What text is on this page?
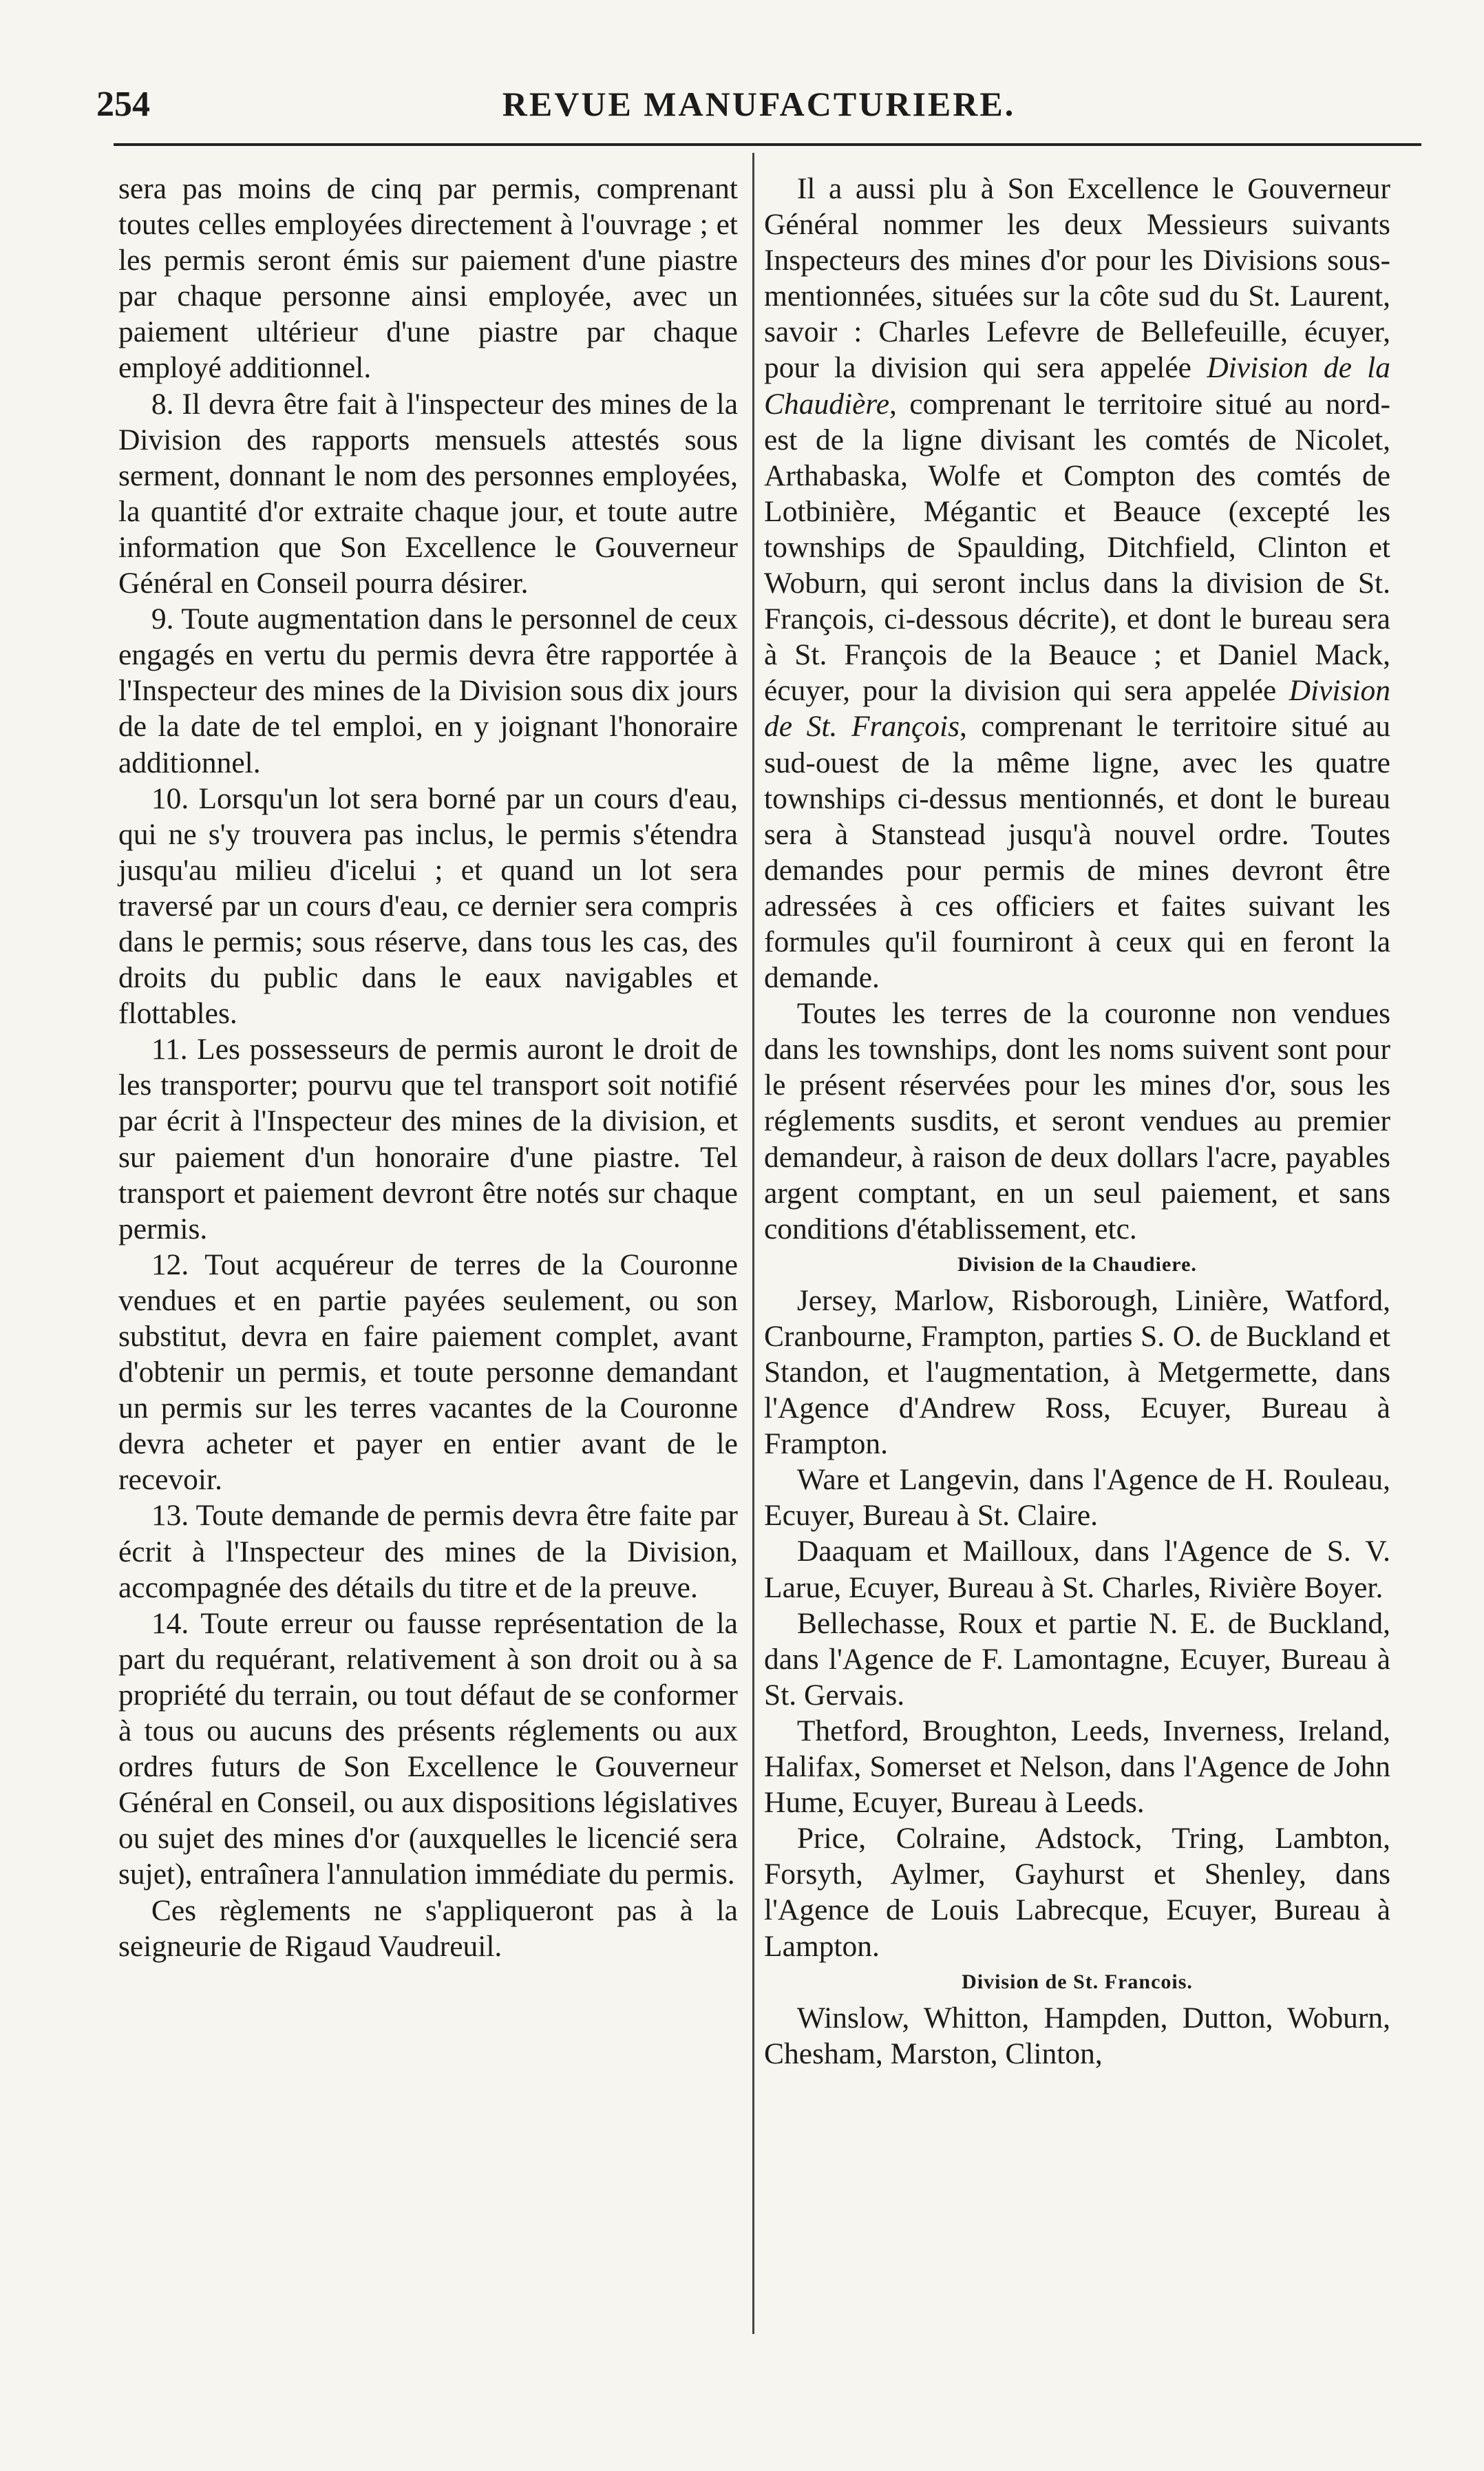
254	REVUE MANUFACTURIERE.

sera pas moins de cinq par permis, comprenant toutes celles employées directement à l'ouvrage ; et les permis seront émis sur paiement d'une piastre par chaque personne ainsi employée, avec un paiement ultérieur d'une piastre par chaque employé additionnel.

8. Il devra être fait à l'inspecteur des mines de la Division des rapports mensuels attestés sous serment, donnant le nom des personnes employées, la quantité d'or extraite chaque jour, et toute autre information que Son Excellence le Gouverneur Général en Conseil pourra désirer.

9. Toute augmentation dans le personnel de ceux engagés en vertu du permis devra être rapportée à l'Inspecteur des mines de la Division sous dix jours de la date de tel emploi, en y joignant l'honoraire additionnel.

10. Lorsqu'un lot sera borné par un cours d'eau, qui ne s'y trouvera pas inclus, le permis s'étendra jusqu'au milieu d'icelui ; et quand un lot sera traversé par un cours d'eau, ce dernier sera compris dans le permis; sous réserve, dans tous les cas, des droits du public dans le eaux navigables et flottables.

11. Les possesseurs de permis auront le droit de les transporter; pourvu que tel transport soit notifié par écrit à l'Inspecteur des mines de la division, et sur paiement d'un honoraire d'une piastre. Tel transport et paiement devront être notés sur chaque permis.

12. Tout acquéreur de terres de la Couronne vendues et en partie payées seulement, ou son substitut, devra en faire paiement complet, avant d'obtenir un permis, et toute personne demandant un permis sur les terres vacantes de la Couronne devra acheter et payer en entier avant de le recevoir.

13. Toute demande de permis devra être faite par écrit à l'Inspecteur des mines de la Division, accompagnée des détails du titre et de la preuve.

14. Toute erreur ou fausse représentation de la part du requérant, relativement à son droit ou à sa propriété du terrain, ou tout défaut de se conformer à tous ou aucuns des présents réglements ou aux ordres futurs de Son Excellence le Gouverneur Général en Conseil, ou aux dispositions législatives ou sujet des mines d'or (auxquelles le licencié sera sujet), entraînera l'annulation immédiate du permis.

Ces règlements ne s'appliqueront pas à la seigneurie de Rigaud Vaudreuil.

Il a aussi plu à Son Excellence le Gouverneur Général nommer les deux Messieurs suivants Inspecteurs des mines d'or pour les Divisions sous-mentionnées, situées sur la côte sud du St. Laurent, savoir : Charles Lefevre de Bellefeuille, écuyer, pour la division qui sera appelée Division de la Chaudière, comprenant le territoire situé au nord-est de la ligne divisant les comtés de Nicolet, Arthabaska, Wolfe et Compton des comtés de Lotbinière, Mégantic et Beauce (excepté les townships de Spaulding, Ditchfield, Clinton et Woburn, qui seront inclus dans la division de St. François, ci-dessous décrite), et dont le bureau sera à St. François de la Beauce ; et Daniel Mack, écuyer, pour la division qui sera appelée Division de St. François, comprenant le territoire situé au sud-ouest de la même ligne, avec les quatre townships ci-dessus mentionnés, et dont le bureau sera à Stanstead jusqu'à nouvel ordre. Toutes demandes pour permis de mines devront être adressées à ces officiers et faites suivant les formules qu'il fourniront à ceux qui en feront la demande.

Toutes les terres de la couronne non vendues dans les townships, dont les noms suivent sont pour le présent réservées pour les mines d'or, sous les réglements susdits, et seront vendues au premier demandeur, à raison de deux dollars l'acre, payables argent comptant, en un seul paiement, et sans conditions d'établissement, etc.

Division de la Chaudiere.

Jersey, Marlow, Risborough, Linière, Watford, Cranbourne, Frampton, parties S. O. de Buckland et Standon, et l'augmentation, à Metgermette, dans l'Agence d'Andrew Ross, Ecuyer, Bureau à Frampton.

Ware et Langevin, dans l'Agence de H. Rouleau, Ecuyer, Bureau à St. Claire.

Daaquam et Mailloux, dans l'Agence de S. V. Larue, Ecuyer, Bureau à St. Charles, Rivière Boyer.

Bellechasse, Roux et partie N. E. de Buckland, dans l'Agence de F. Lamontagne, Ecuyer, Bureau à St. Gervais.

Thetford, Broughton, Leeds, Inverness, Ireland, Halifax, Somerset et Nelson, dans l'Agence de John Hume, Ecuyer, Bureau à Leeds.

Price, Colraine, Adstock, Tring, Lambton, Forsyth, Aylmer, Gayhurst et Shenley, dans l'Agence de Louis Labrecque, Ecuyer, Bureau à Lampton.

Division de St. Francois.

Winslow, Whitton, Hampden, Dutton, Woburn, Chesham, Marston, Clinton,
